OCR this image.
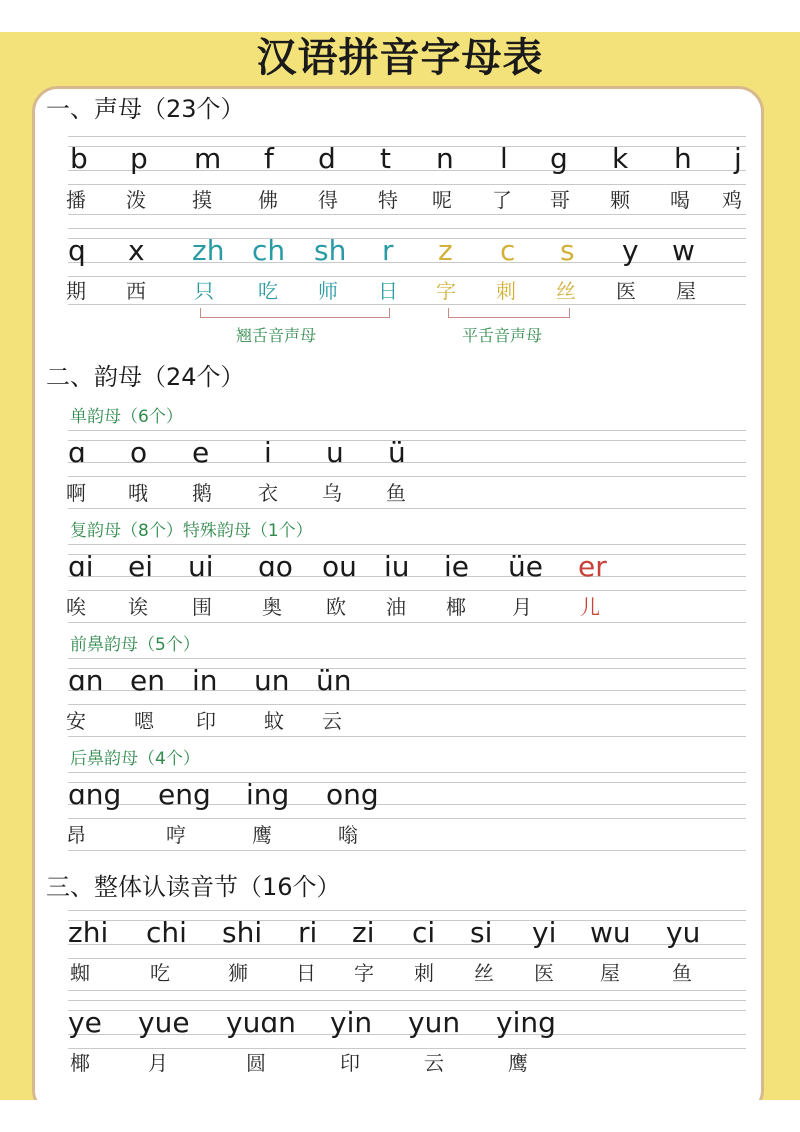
汉语拼音字母表
一、声母（23个）
b p m f d t n l g k h j
播 泼 摸 佛 得 特 呢 了 哥 颗 喝 鸡
q x zh ch sh r z c s y w
期 西 只 吃 师 日 字 刺 丝 医 屋
翘舌音声母	平舌音声母
二、韵母（24个）
单韵母（6个）
ɑ o e i u ü
啊 哦 鹅 衣 乌 鱼
复韵母（8个）特殊韵母（1个）
ɑi ei ui ɑo ou iu ie üe er
唉 诶 围	奥 欧 油 椰 月 儿
前鼻韵母（5个）
ɑn en in un ün
安 嗯 印 蚊 云
后鼻韵母（4个）
ɑng eng ing ong
昂	哼	鹰	嗡
三、整体认读音节（16个）
zhi chi shi ri zi ci si yi wu yu
蜘	吃	狮 日 字 刺 丝 医 屋	鱼
ye yue yuɑn yin yun ying
椰	月	圆	印	云	鹰
